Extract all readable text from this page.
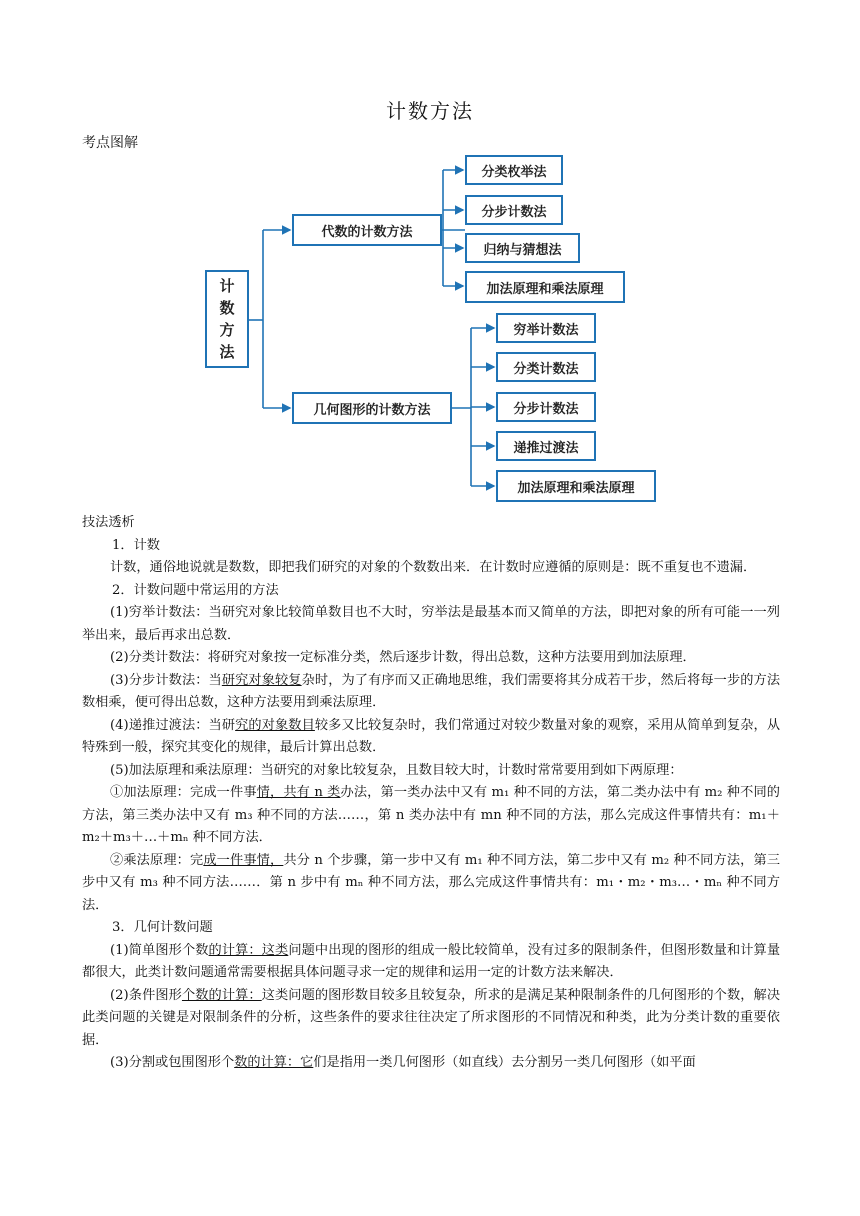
计数方法
考点图解
计
数
方
法
代数的计数方法
几何图形的计数方法
分类枚举法
分步计数法
归纳与猜想法
加法原理和乘法原理
穷举计数法
分类计数法
分步计数法
递推过渡法
加法原理和乘法原理

技法透析

1．计数

计数，通俗地说就是数数，即把我们研究的对象的个数数出来．在计数时应遵循的原则是：既不重复也不遗漏．

2．计数问题中常运用的方法

(1)穷举计数法：当研究对象比较简单数目也不大时，穷举法是最基本而又简单的方法，即把对象的所有可能一一列举出来，最后再求出总数．

(2)分类计数法：将研究对象按一定标准分类，然后逐步计数，得出总数，这种方法要用到加法原理．

(3)分步计数法：当研究对象较复杂时，为了有序而又正确地思维，我们需要将其分成若干步，然后将每一步的方法数相乘，便可得出总数，这种方法要用到乘法原理．

(4)递推过渡法：当研究的对象数目较多又比较复杂时，我们常通过对较少数量对象的观察，采用从简单到复杂，从特殊到一般，探究其变化的规律，最后计算出总数．

(5)加法原理和乘法原理：当研究的对象比较复杂，且数目较大时，计数时常常要用到如下两原理：

①加法原理：完成一件事情，共有 n 类办法，第一类办法中又有 m₁ 种不同的方法，第二类办法中有 m₂ 种不同的方法，第三类办法中又有 m₃ 种不同的方法……，第 n 类办法中有 mn 种不同的方法，那么完成这件事情共有：m₁＋m₂＋m₃＋…＋mₙ 种不同方法．

②乘法原理：完成一件事情，共分 n 个步骤，第一步中又有 m₁ 种不同方法，第二步中又有 m₂ 种不同方法，第三步中又有 m₃ 种不同方法……．第 n 步中有 mₙ 种不同方法，那么完成这件事情共有：m₁・m₂・m₃…・mₙ 种不同方法．

3．几何计数问题

(1)简单图形个数的计算：这类问题中出现的图形的组成一般比较简单，没有过多的限制条件，但图形数量和计算量都很大，此类计数问题通常需要根据具体问题寻求一定的规律和运用一定的计数方法来解决．

(2)条件图形个数的计算：这类问题的图形数目较多且较复杂，所求的是满足某种限制条件的几何图形的个数，解决此类问题的关键是对限制条件的分析，这些条件的要求往往决定了所求图形的不同情况和种类，此为分类计数的重要依据．

(3)分割或包围图形个数的计算：它们是指用一类几何图形（如直线）去分割另一类几何图形（如平面
